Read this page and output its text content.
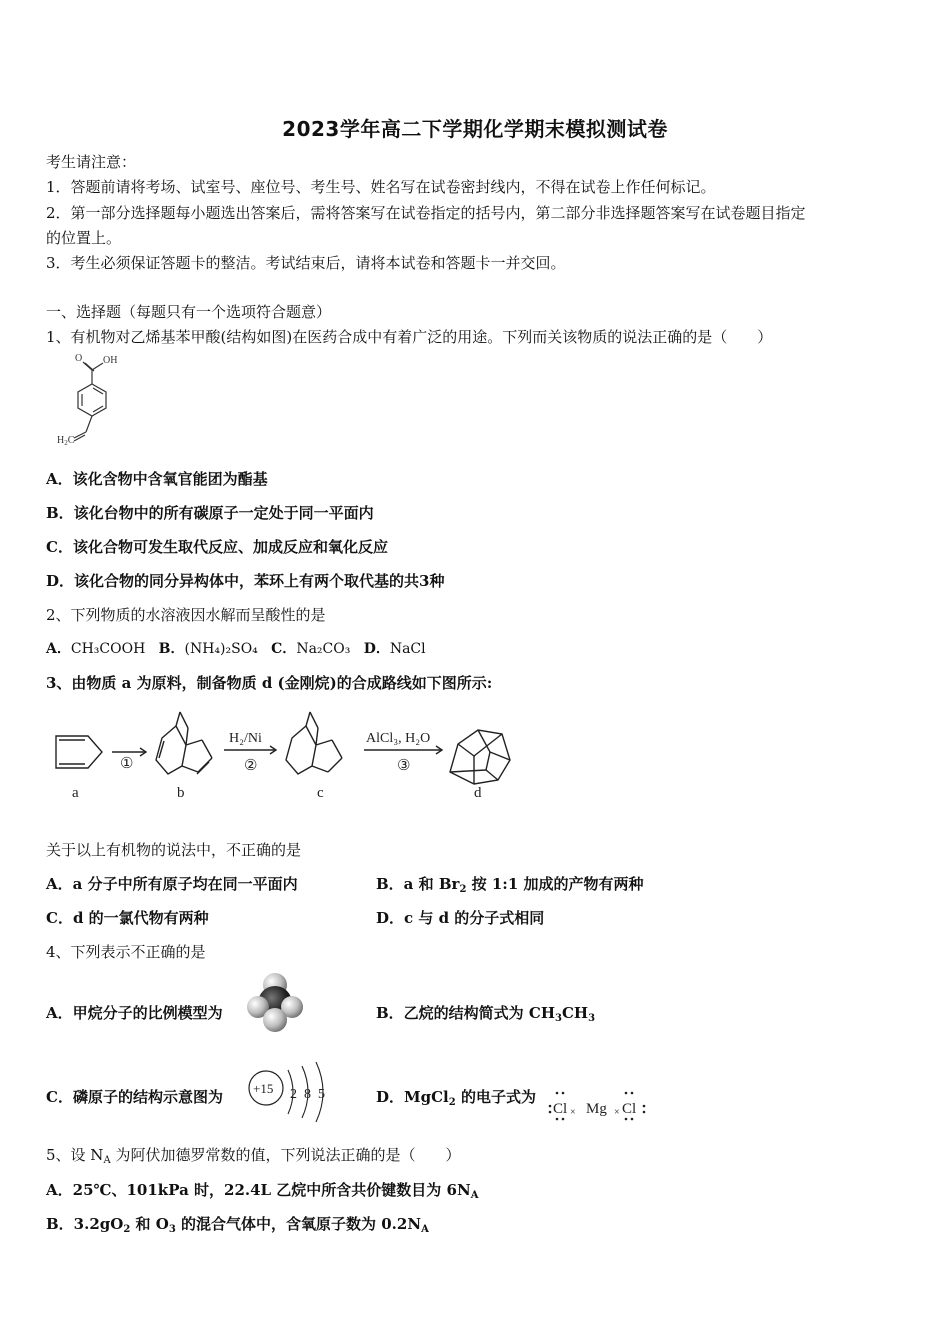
2023学年高二下学期化学期末模拟测试卷
考生请注意：
1．答题前请将考场、试室号、座位号、考生号、姓名写在试卷密封线内，不得在试卷上作任何标记。
2．第一部分选择题每小题选出答案后，需将答案写在试卷指定的括号内，第二部分非选择题答案写在试卷题目指定
的位置上。
3．考生必须保证答题卡的整洁。考试结束后，请将本试卷和答题卡一并交回。
一、选择题（每题只有一个选项符合题意）
1、有机物对乙烯基苯甲酸(结构如图)在医药合成中有着广泛的用途。下列而关该物质的说法正确的是（　　）
O OH
$H_2C$
A．该化含物中含氧官能团为酯基
B．该化台物中的所有碳原子一定处于同一平面内
C．该化合物可发生取代反应、加成反应和氧化反应
D．该化合物的同分异构体中，苯环上有两个取代基的共3种
2、下列物质的水溶液因水解而呈酸性的是
A．CH₃COOH B．(NH₄)₂SO₄ C．Na₂CO₃ D．NaCl
3、由物质 a 为原料，制备物质 d (金刚烷)的合成路线如下图所示:
H₂/Ni	AlCl₃, H₂O
①	②	③
a	b	c	d
关于以上有机物的说法中，不正确的是
A．a 分子中所有原子均在同一平面内	B．a 和 $Br_2$ 按 1:1 加成的产物有两种
C．d 的一氯代物有两种	D．c 与 d 的分子式相同
4、下列表示不正确的是
A．甲烷分子的比例模型为	B．乙烷的结构简式为 $CH_3CH_3$
C．磷原子的结构示意图为 +15 2 8 5	D．MgCl$_2$ 的电子式为
Cl × Mg × Cl
5、设 $N_A$ 为阿伏加德罗常数的值，下列说法正确的是（　　）
A．25℃、101kPa 时，22.4L 乙烷中所含共价键数目为 $6N_A$
B．$3.2gO_2$ 和 $O_3$ 的混合气体中，含氧原子数为 $0.2N_A$
